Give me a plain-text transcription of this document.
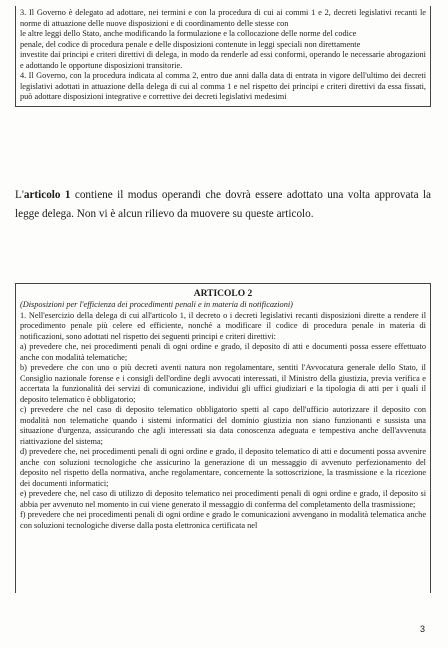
3. Il Governo è delegato ad adottare, nei termini e con la procedura di cui ai commi 1 e 2, decreti legislativi recanti le norme di attuazione delle nuove disposizioni e di coordinamento delle stesse con

le altre leggi dello Stato, anche modificando la formulazione e la collocazione delle norme del codice

penale, del codice di procedura penale e delle disposizioni contenute in leggi speciali non direttamente

investite dai principi e criteri direttivi di delega, in modo da renderle ad essi conformi, operando le necessarie abrogazioni e adottando le opportune disposizioni transitorie.

4. Il Governo, con la procedura indicata al comma 2, entro due anni dalla data di entrata in vigore dell'ultimo dei decreti legislativi adottati in attuazione della delega di cui al comma 1 e nel rispetto dei principi e criteri direttivi da essa fissati, può adottare disposizioni integrative e correttive dei decreti legislativi medesimi

L'articolo 1 contiene il modus operandi che dovrà essere adottato una volta approvata la legge delega. Non vi è alcun rilievo da muovere su queste articolo.
ARTICOLO 2

(Disposizioni per l'efficienza dei procedimenti penali e in materia di notificazioni)

1. Nell'esercizio della delega di cui all'articolo 1, il decreto o i decreti legislativi recanti disposizioni dirette a rendere il procedimento penale più celere ed efficiente, nonché a modificare il codice di procedura penale in materia di notificazioni, sono adottati nel rispetto dei seguenti principi e criteri direttivi:

a) prevedere che, nei procedimenti penali di ogni ordine e grado, il deposito di atti e documenti possa essere effettuato anche con modalità telematiche;

b) prevedere che con uno o più decreti aventi natura non regolamentare, sentiti l'Avvocatura generale dello Stato, il Consiglio nazionale forense e i consigli dell'ordine degli avvocati interessati, il Ministro della giustizia, previa verifica e accertata la funzionalità dei servizi di comunicazione, individui gli uffici giudiziari e la tipologia di atti per i quali il deposito telematico è obbligatorio;

c) prevedere che nel caso di deposito telematico obbligatorio spetti al capo dell'ufficio autorizzare il deposito con modalità non telematiche quando i sistemi informatici del dominio giustizia non siano funzionanti e sussista una situazione d'urgenza, assicurando che agli interessati sia data conoscenza adeguata e tempestiva anche dell'avvenuta riattivazione del sistema;

d) prevedere che, nei procedimenti penali di ogni ordine e grado, il deposito telematico di atti e documenti possa avvenire anche con soluzioni tecnologiche che assicurino la generazione di un messaggio di avvenuto perfezionamento del deposito nel rispetto della normativa, anche regolamentare, concernente la sottoscrizione, la trasmissione e la ricezione dei documenti informatici;

e) prevedere che, nel caso di utilizzo di deposito telematico nei procedimenti penali di ogni ordine e grado, il deposito si abbia per avvenuto nel momento in cui viene generato il messaggio di conferma del completamento della trasmissione;

f) prevedere che nei procedimenti penali di ogni ordine e grado le comunicazioni avvengano in modalità telematica anche con soluzioni tecnologiche diverse dalla posta elettronica certificata nel

3
